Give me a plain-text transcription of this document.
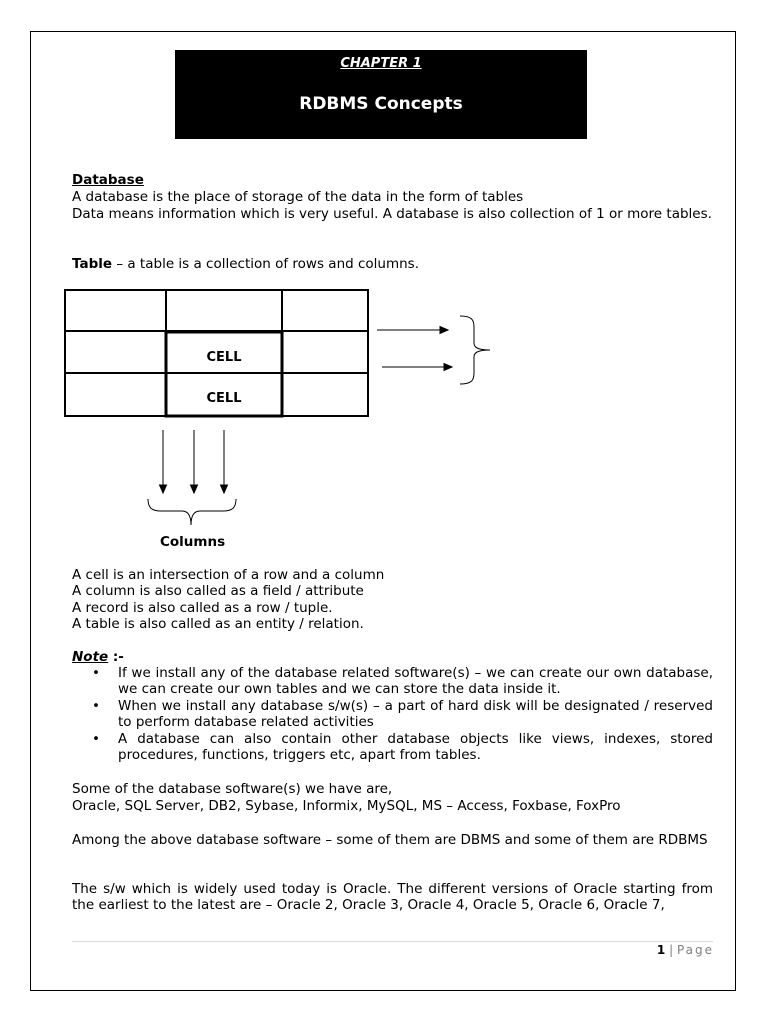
CHAPTER 1
RDBMS Concepts
Database
A database is the place of storage of the data in the form of tables
Data means information which is very useful. A database is also collection of 1 or more tables.
Table – a table is a collection of rows and columns.
CELL
CELL
Columns
A cell is an intersection of a row and a column
A column is also called as a field / attribute
A record is also called as a row / tuple.
A table is also called as an entity / relation.
Note :-

• If we install any of the database related software(s) – we can create our own database, we can create our own tables and we can store the data inside it.

• When we install any database s/w(s) – a part of hard disk will be designated / reserved to perform database related activities

• A database can also contain other database objects like views, indexes, stored procedures, functions, triggers etc, apart from tables.

Some of the database software(s) we have are,
Oracle, SQL Server, DB2, Sybase, Informix, MySQL, MS – Access, Foxbase, FoxPro
Among the above database software – some of them are DBMS and some of them are RDBMS
The s/w which is widely used today is Oracle. The different versions of Oracle starting from the earliest to the latest are – Oracle 2, Oracle 3, Oracle 4, Oracle 5, Oracle 6, Oracle 7,
1 | Page
